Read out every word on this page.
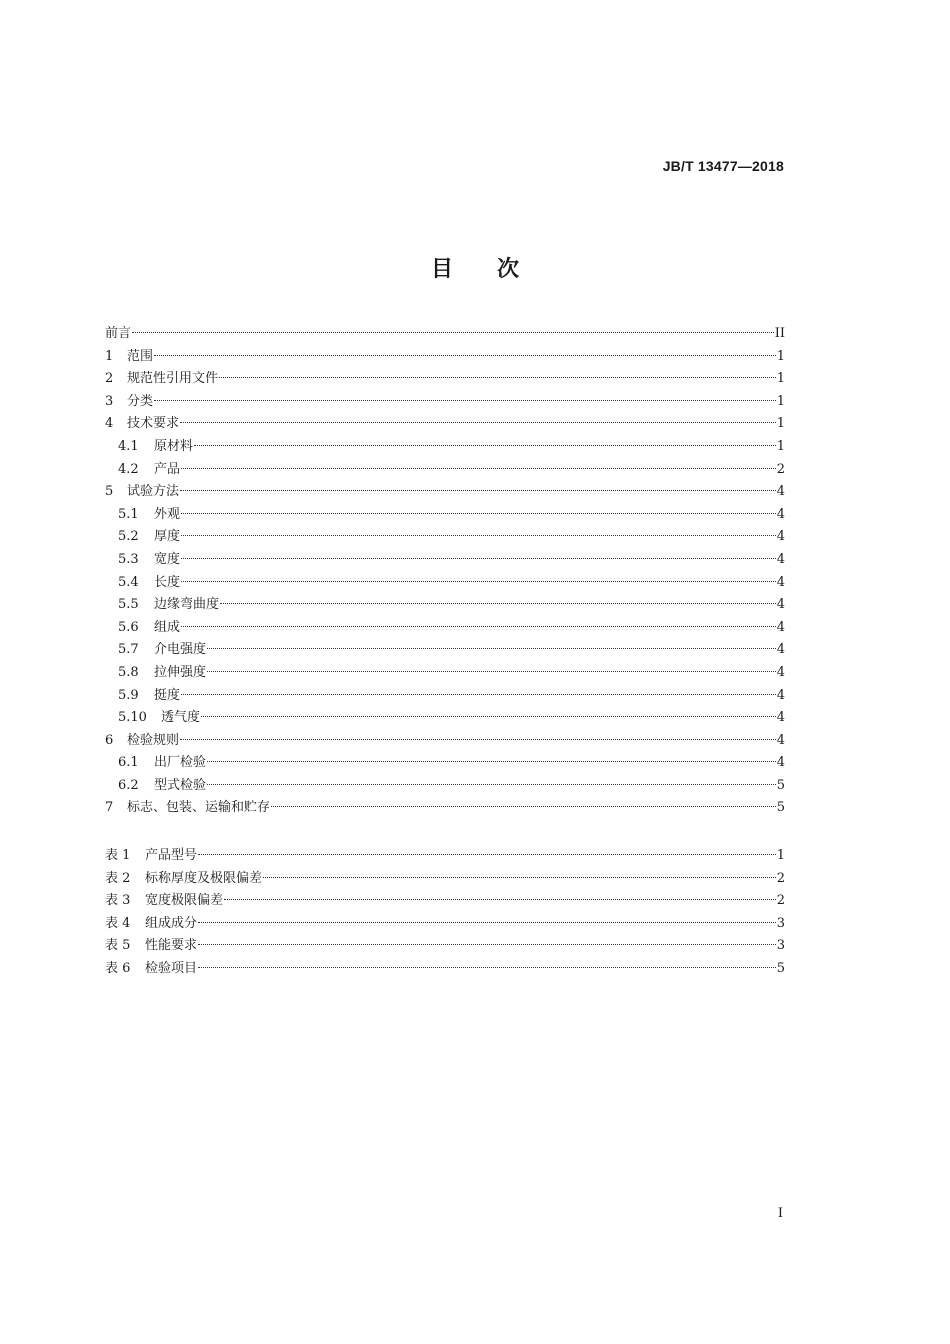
JB/T 13477—2018
目 次
前言	II
1	范围	1
2	规范性引用文件	1
3	分类	1
4	技术要求	1
4.1	原材料	1
4.2	产品	2
5	试验方法	4
5.1	外观	4
5.2	厚度	4
5.3	宽度	4
5.4	长度	4
5.5	边缘弯曲度	4
5.6	组成	4
5.7	介电强度	4
5.8	拉伸强度	4
5.9	挺度	4
5.10	透气度	4
6	检验规则	4
6.1	出厂检验	4
6.2	型式检验	5
7	标志、包装、运输和贮存	5
表 1	产品型号	1
表 2	标称厚度及极限偏差	2
表 3	宽度极限偏差	2
表 4	组成成分	3
表 5	性能要求	3
表 6	检验项目	5
I
